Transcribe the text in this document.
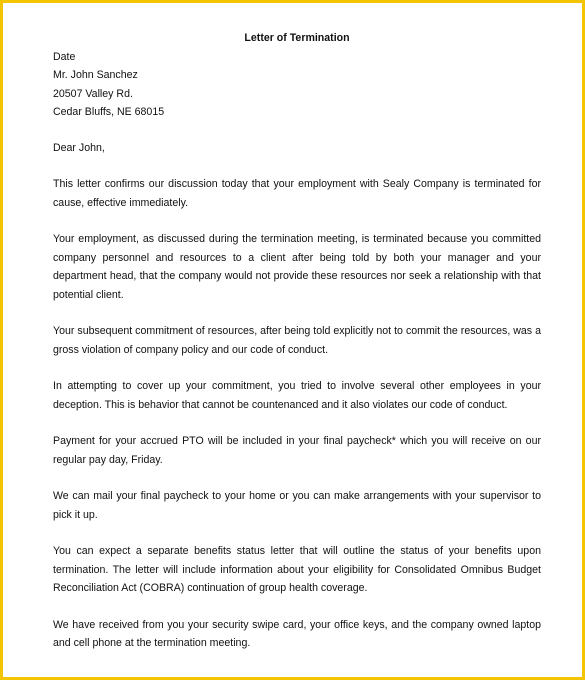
Letter of Termination
Date
Mr. John Sanchez
20507 Valley Rd.
Cedar Bluffs, NE 68015
Dear John,

This letter confirms our discussion today that your employment with Sealy Company is terminated for cause, effective immediately.

Your employment, as discussed during the termination meeting, is terminated because you committed company personnel and resources to a client after being told by both your manager and your department head, that the company would not provide these resources nor seek a relationship with that potential client.

Your subsequent commitment of resources, after being told explicitly not to commit the resources, was a gross violation of company policy and our code of conduct.

In attempting to cover up your commitment, you tried to involve several other employees in your deception. This is behavior that cannot be countenanced and it also violates our code of conduct.

Payment for your accrued PTO will be included in your final paycheck* which you will receive on our regular pay day, Friday.

We can mail your final paycheck to your home or you can make arrangements with your supervisor to pick it up.

You can expect a separate benefits status letter that will outline the status of your benefits upon termination. The letter will include information about your eligibility for Consolidated Omnibus Budget Reconciliation Act (COBRA) continuation of group health coverage.

We have received from you your security swipe card, your office keys, and the company owned laptop and cell phone at the termination meeting.
